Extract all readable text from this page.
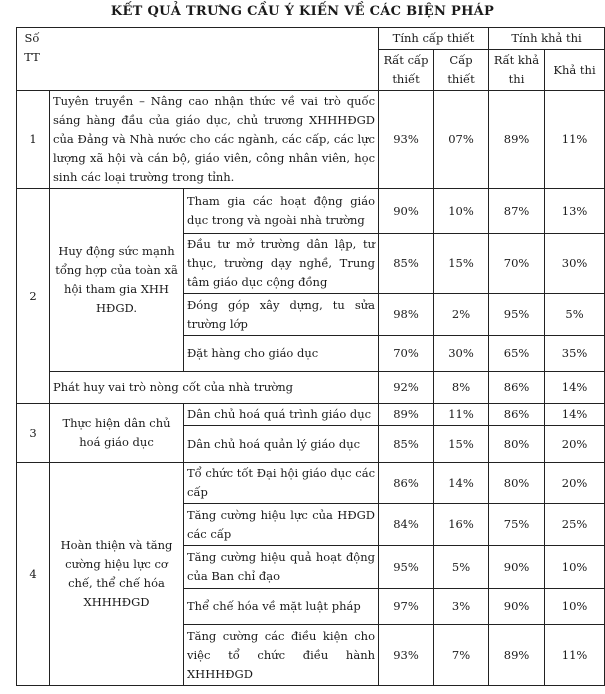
KẾT QUẢ TRƯNG CẦU Ý KIẾN VỀ CÁC BIỆN PHÁP
Số TT			Tính cấp thiết		Tính khả thi	
			Rất cấp thiết	Cấp thiết	Rất khả thi	Khả thi
1	Tuyên truyền – Nâng cao nhận thức về vai trò quốc sáng hàng đầu của giáo dục, chủ trương XHHHĐGD của Đảng và Nhà nước cho các ngành, các cấp, các lực lượng xã hội và cán bộ, giáo viên, công nhân viên, học sinh các loại trường trong tỉnh.		93%	07%	89%	11%
2	Huy động sức mạnh tổng hợp của toàn xã hội tham gia XHH HĐGD.	Tham gia các hoạt động giáo dục trong và ngoài nhà trường	90%	10%	87%	13%
		Đầu tư mở trường dân lập, tư thục, trường dạy nghề, Trung tâm giáo dục cộng đồng	85%	15%	70%	30%
		Đóng góp xây dựng, tu sửa trường lớp	98%	2%	95%	5%
		Đặt hàng cho giáo dục	70%	30%	65%	35%
	Phát huy vai trò nòng cốt của nhà trường		92%	8%	86%	14%
3	Thực hiện dân chủ hoá giáo dục	Dân chủ hoá quá trình giáo dục	89%	11%	86%	14%
		Dân chủ hoá quản lý giáo dục	85%	15%	80%	20%
4	Hoàn thiện và tăng cường hiệu lực cơ chế, thể chế hóa XHHHĐGD	Tổ chức tốt Đại hội giáo dục các cấp	86%	14%	80%	20%
		Tăng cường hiệu lực của HĐGD các cấp	84%	16%	75%	25%
		Tăng cường hiệu quả hoạt động của Ban chỉ đạo	95%	5%	90%	10%
		Thể chế hóa về mặt luật pháp	97%	3%	90%	10%
		Tăng cường các điều kiện cho việc tổ chức điều hành XHHHĐGD	93%	7%	89%	11%
